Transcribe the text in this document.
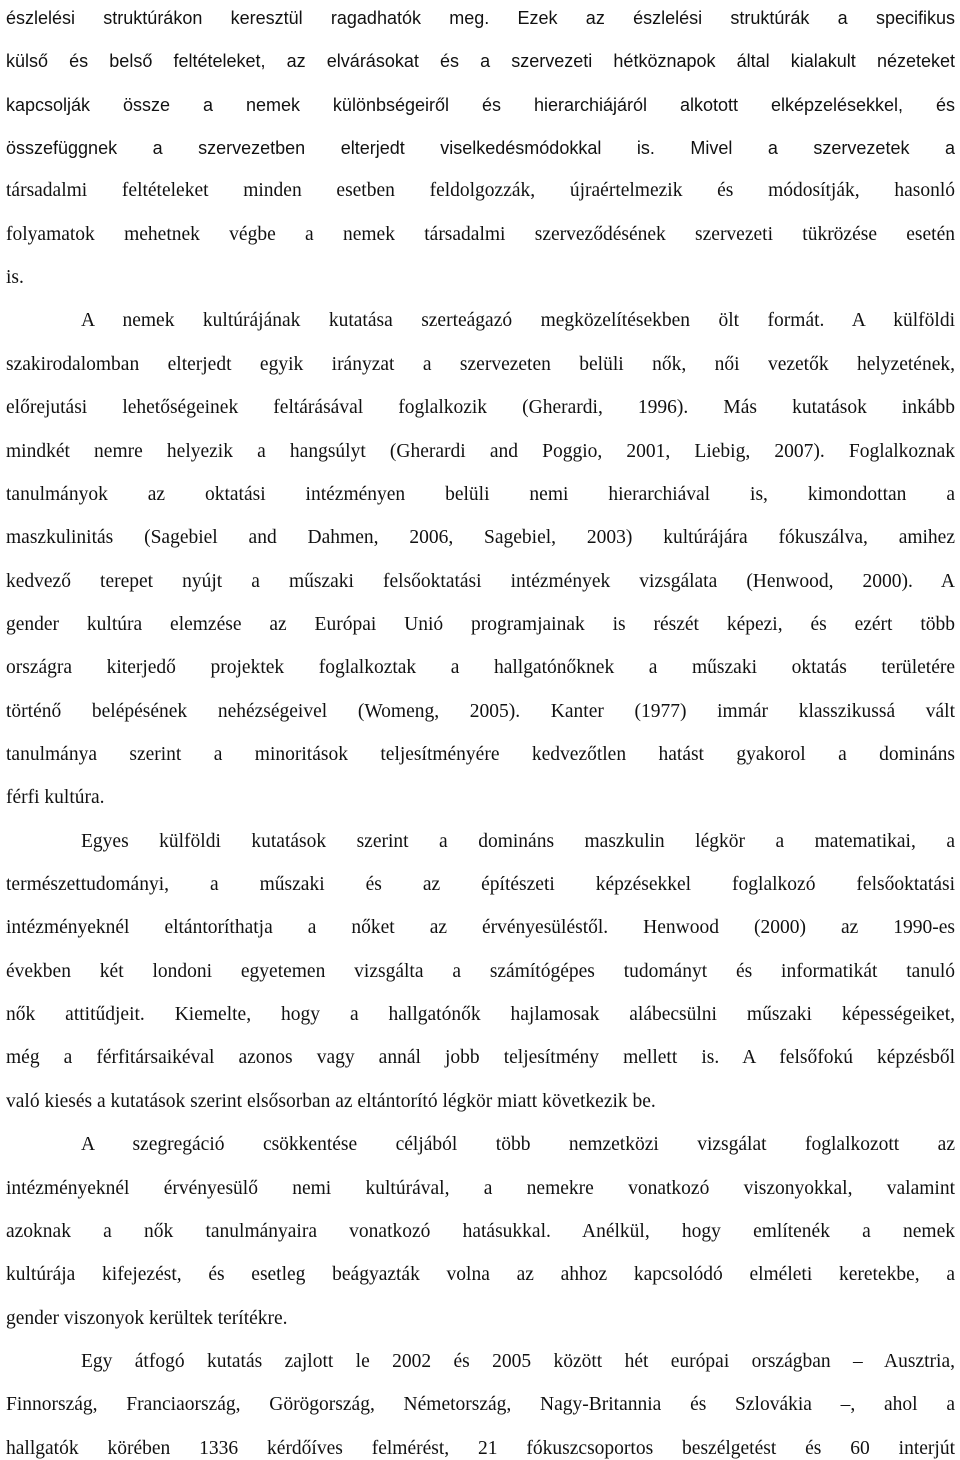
észlelési struktúrákon keresztül ragadhatók meg. Ezek az észlelési struktúrák a specifikus
külső és belső feltételeket, az elvárásokat és a szervezeti hétköznapok által kialakult nézeteket
kapcsolják össze a nemek különbségeiről és hierarchiájáról alkotott elképzelésekkel, és
összefüggnek a szervezetben elterjedt viselkedésmódokkal is. Mivel a szervezetek a
társadalmi feltételeket minden esetben feldolgozzák, újraértelmezik és módosítják, hasonló
folyamatok mehetnek végbe a nemek társadalmi szerveződésének szervezeti tükrözése esetén
is.
A nemek kultúrájának kutatása szerteágazó megközelítésekben ölt formát. A külföldi
szakirodalomban elterjedt egyik irányzat a szervezeten belüli nők, női vezetők helyzetének,
előrejutási lehetőségeinek feltárásával foglalkozik (Gherardi, 1996). Más kutatások inkább
mindkét nemre helyezik a hangsúlyt (Gherardi and Poggio, 2001, Liebig, 2007). Foglalkoznak
tanulmányok az oktatási intézményen belüli nemi hierarchiával is, kimondottan a
maszkulinitás (Sagebiel and Dahmen, 2006, Sagebiel, 2003) kultúrájára fókuszálva, amihez
kedvező terepet nyújt a műszaki felsőoktatási intézmények vizsgálata (Henwood, 2000). A
gender kultúra elemzése az Európai Unió programjainak is részét képezi, és ezért több
országra kiterjedő projektek foglalkoztak a hallgatónőknek a műszaki oktatás területére
történő belépésének nehézségeivel (Womeng, 2005). Kanter (1977) immár klasszikussá vált
tanulmánya szerint a minoritások teljesítményére kedvezőtlen hatást gyakorol a domináns
férfi kultúra.
Egyes külföldi kutatások szerint a domináns maszkulin légkör a matematikai, a
természettudományi, a műszaki és az építészeti képzésekkel foglalkozó felsőoktatási
intézményeknél eltántoríthatja a nőket az érvényesüléstől. Henwood (2000) az 1990-es
években két londoni egyetemen vizsgálta a számítógépes tudományt és informatikát tanuló
nők attitűdjeit. Kiemelte, hogy a hallgatónők hajlamosak alábecsülni műszaki képességeiket,
még a férfitársaikéval azonos vagy annál jobb teljesítmény mellett is. A felsőfokú képzésből
való kiesés a kutatások szerint elsősorban az eltántorító légkör miatt következik be.
A szegregáció csökkentése céljából több nemzetközi vizsgálat foglalkozott az
intézményeknél érvényesülő nemi kultúrával, a nemekre vonatkozó viszonyokkal, valamint
azoknak a nők tanulmányaira vonatkozó hatásukkal. Anélkül, hogy említenék a nemek
kultúrája kifejezést, és esetleg beágyazták volna az ahhoz kapcsolódó elméleti keretekbe, a
gender viszonyok kerültek terítékre.
Egy átfogó kutatás zajlott le 2002 és 2005 között hét európai országban – Ausztria,
Finnország, Franciaország, Görögország, Németország, Nagy-Britannia és Szlovákia –, ahol a
hallgatók körében 1336 kérdőíves felmérést, 21 fókuszcsoportos beszélgetést és 60 interjút
